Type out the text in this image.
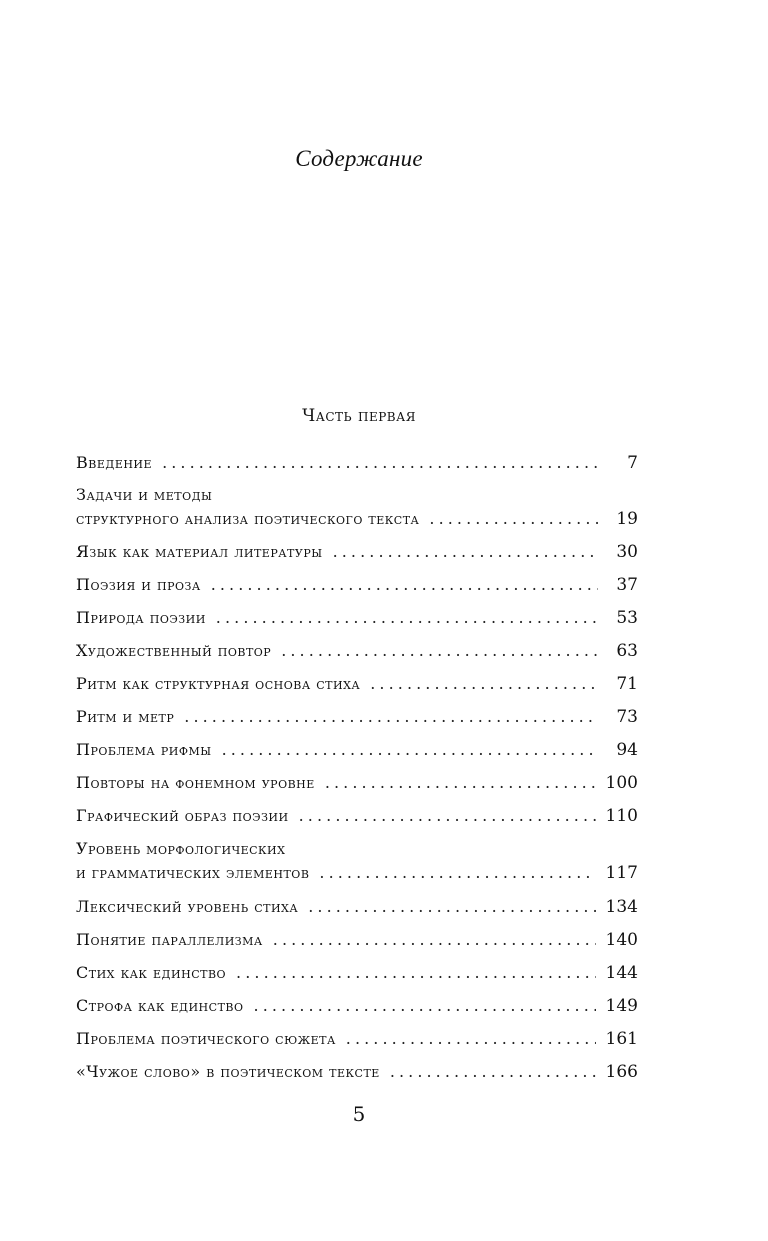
Содержание
Часть первая
Введение . . .	7
Задачи и методы
структурного анализа поэтического текста . . .	19
Язык как материал литературы . . .	30
Поэзия и проза . . .	37
Природа поэзии . . .	53
Художественный повтор . . .	63
Ритм как структурная основа стиха . . .	71
Ритм и метр . . .	73
Проблема рифмы . . .	94
Повторы на фонемном уровне . . .	100
Графический образ поэзии . . .	110
Уровень морфологических
и грамматических элементов . . .	117
Лексический уровень стиха . . .	134
Понятие параллелизма . . .	140
Стих как единство . . .	144
Строфа как единство . . .	149
Проблема поэтического сюжета . . .	161
«Чужое слово» в поэтическом тексте . . .	166
5
